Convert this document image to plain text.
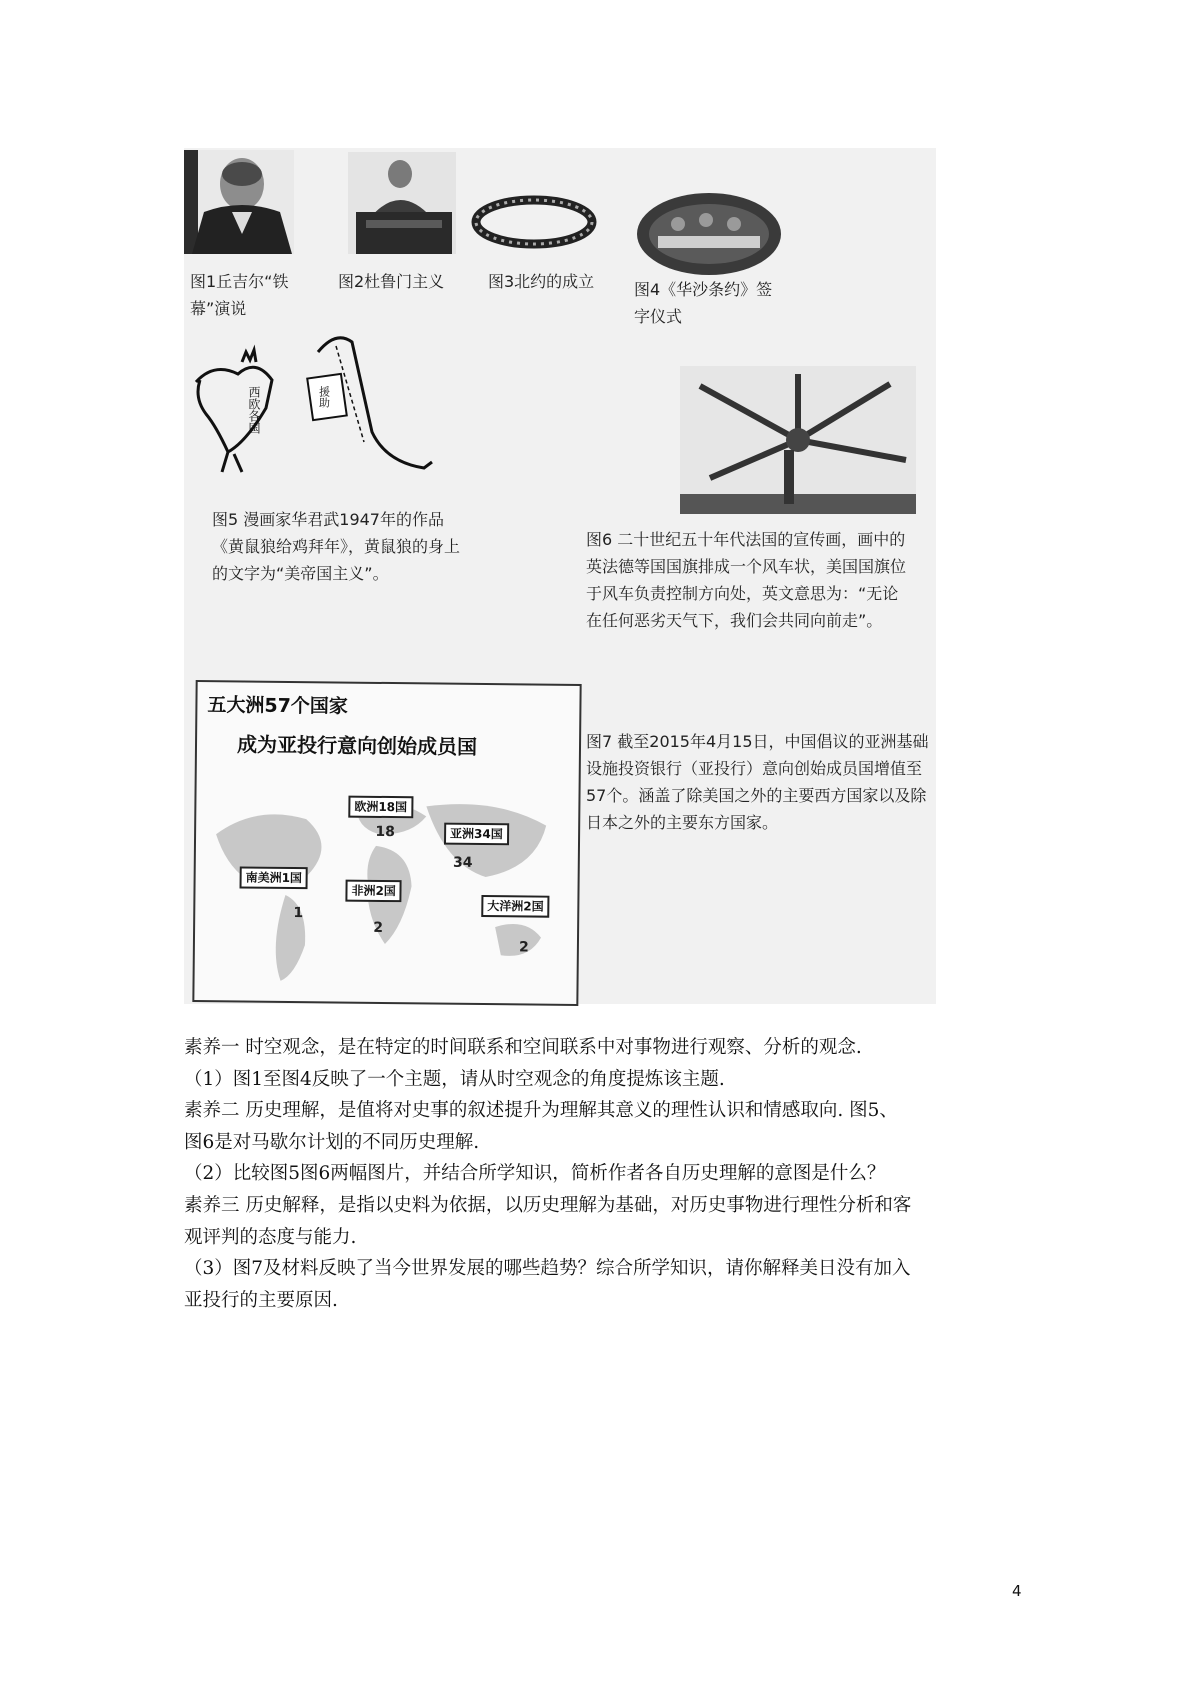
图1丘吉尔“铁幕”演说
图2杜鲁门主义	图3北约的成立	图4《华沙条约》签字仪式
西欧各国	援助
图5 漫画家华君武1947年的作品《黄鼠狼给鸡拜年》，黄鼠狼的身上的文字为“美帝国主义”。
图6 二十世纪五十年代法国的宣传画，画中的英法德等国国旗排成一个风车状，美国国旗位于风车负责控制方向处，英文意思为：“无论在任何恶劣天气下，我们会共同向前走”。
五大洲57个国家
成为亚投行意向创始成员国
欧洲18国
亚洲34国
南美洲1国
非洲2国
大洋洲2国
18
34
1
2
2
图7 截至2015年4月15日，中国倡议的亚洲基础设施投资银行（亚投行）意向创始成员国增值至57个。涵盖了除美国之外的主要西方国家以及除日本之外的主要东方国家。

素养一 时空观念，是在特定的时间联系和空间联系中对事物进行观察、分析的观念.

（1）图1至图4反映了一个主题，请从时空观念的角度提炼该主题.

素养二 历史理解，是值将对史事的叙述提升为理解其意义的理性认识和情感取向. 图5、

图6是对马歇尔计划的不同历史理解.

（2）比较图5图6两幅图片，并结合所学知识，简析作者各自历史理解的意图是什么？

素养三 历史解释，是指以史料为依据，以历史理解为基础，对历史事物进行理性分析和客

观评判的态度与能力.

（3）图7及材料反映了当今世界发展的哪些趋势？综合所学知识，请你解释美日没有加入

亚投行的主要原因.

4
